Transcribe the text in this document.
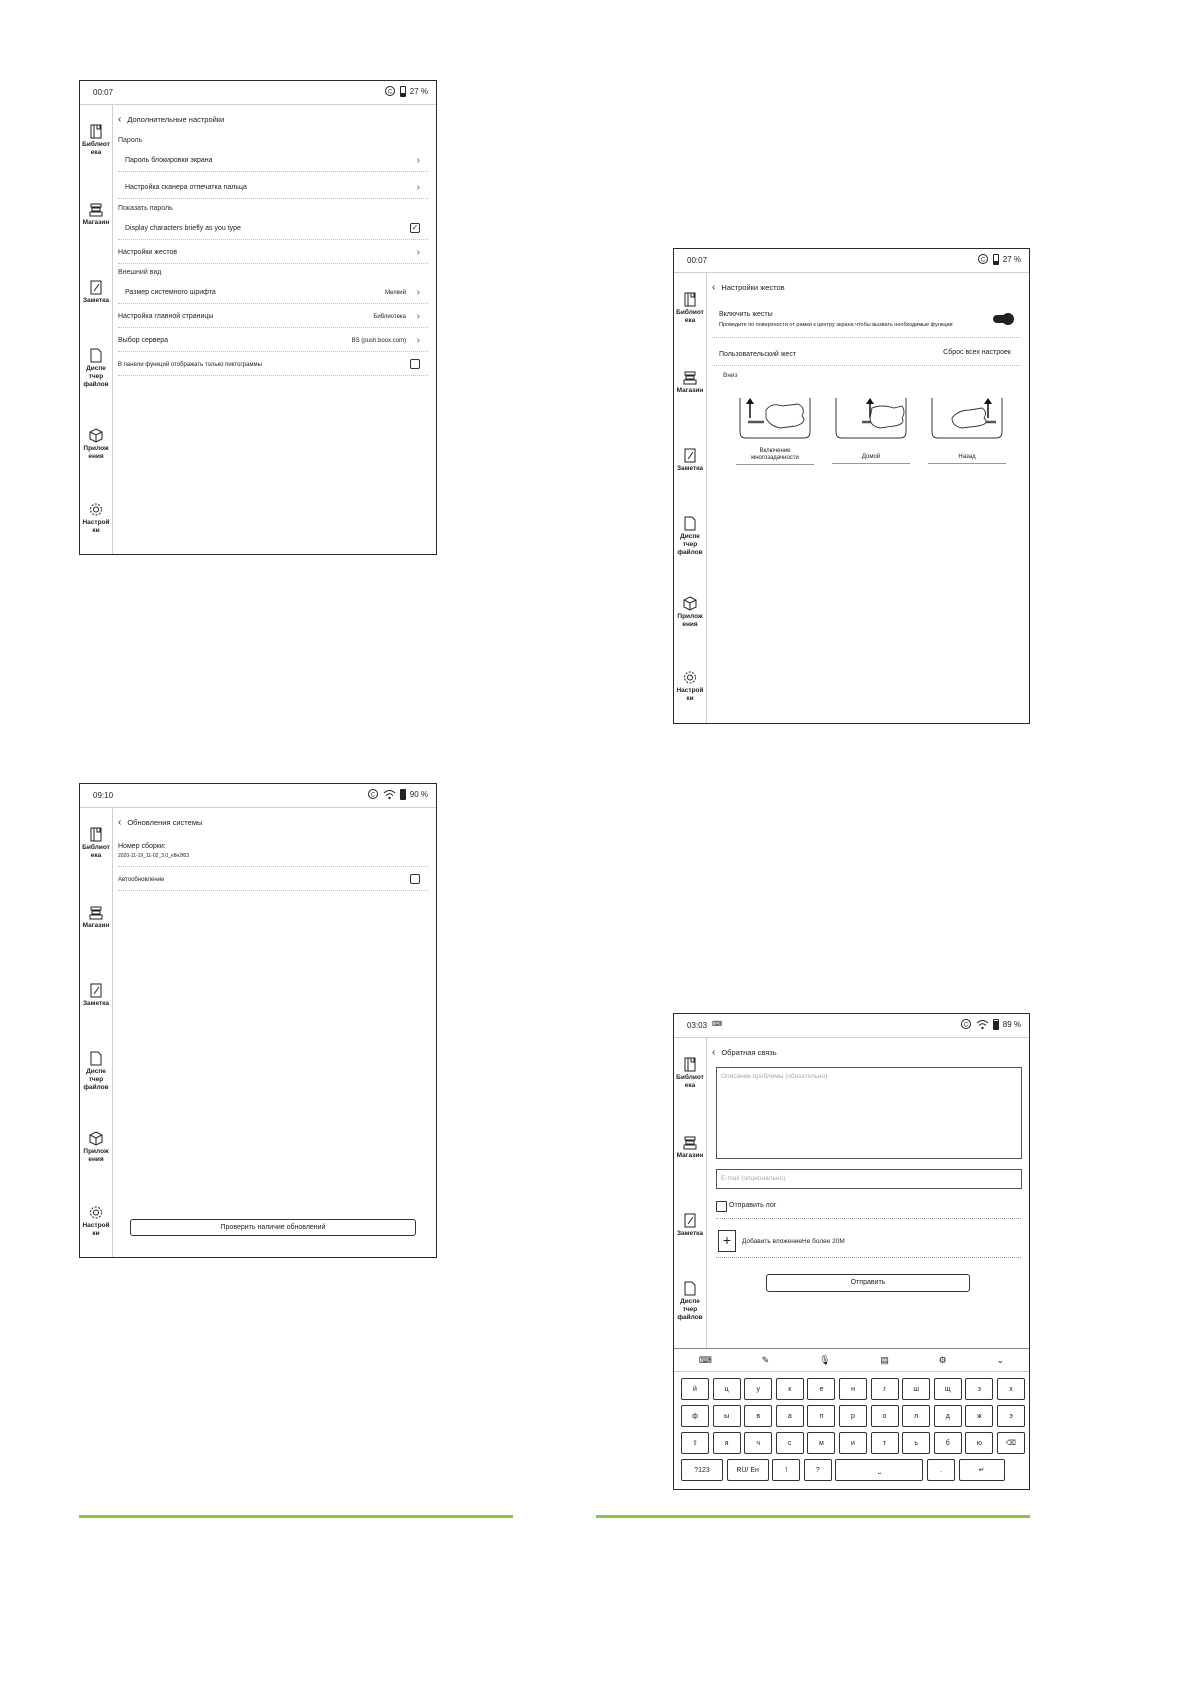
00:07	C 27 %
Библиот
ека
Магазин
Заметка
Диспе
тчер
файлов
Прилож
ения
Настрой
ки
‹ Дополнительные настройки
Пароль
Пароль блокировки экрана	›
Настройка сканера отпечатка пальца	›
Показать пароль
Display characters briefly as you type	✓
Настройки жестов	›
Внешний вид
Размер системного шрифта	Мелкий ›
Настройка главной страницы	Библиотека ›
Выбор сервера	BS (push.boox.com) ›
В панели функций отображать только пиктограммы
00:07	C 27 %
Библиот
ека
Магазин
Заметка
Диспе
тчер
файлов
Прилож
ения
Настрой
ки
‹ Настройки жестов
Включить жесты
Проведите по поверхности от рамки к центру экрана чтобы вызвать необходимые функции
Пользовательский жест	Сброс всех настроек
Вниз
Включение многозадачности	Домой	Назад
09:10	C	90 %
Библиот
ека
Магазин
Заметка
Диспе
тчер
файлов
Прилож
ения
Настрой
ки
‹ Обновления системы
Номер сборки:
2020-11-19_11-02_3.0_e8e2f63
Автообновление
Проверить наличие обновлений
03:03 ⌨	C	89 %
Библиот
ека
Магазин
Заметка
Диспе
тчер
файлов
‹ Обратная связь
Описание проблемы (обязательно)
E-mail (опционально)
Отправить лог
+	Добавить вложениеНе более 20M
Отправить
⌨	✎	🎙	▤	⚙	⌄
й	ц	у	к	е	н	г	ш	щ	з	х
ф	ы	в	а	п	р	о	л	д	ж	э
⇧	я	ч	с	м	и	т	ь	б	ю	⌫
?123	RU/ Ен	!	?	⎵	.	↵
